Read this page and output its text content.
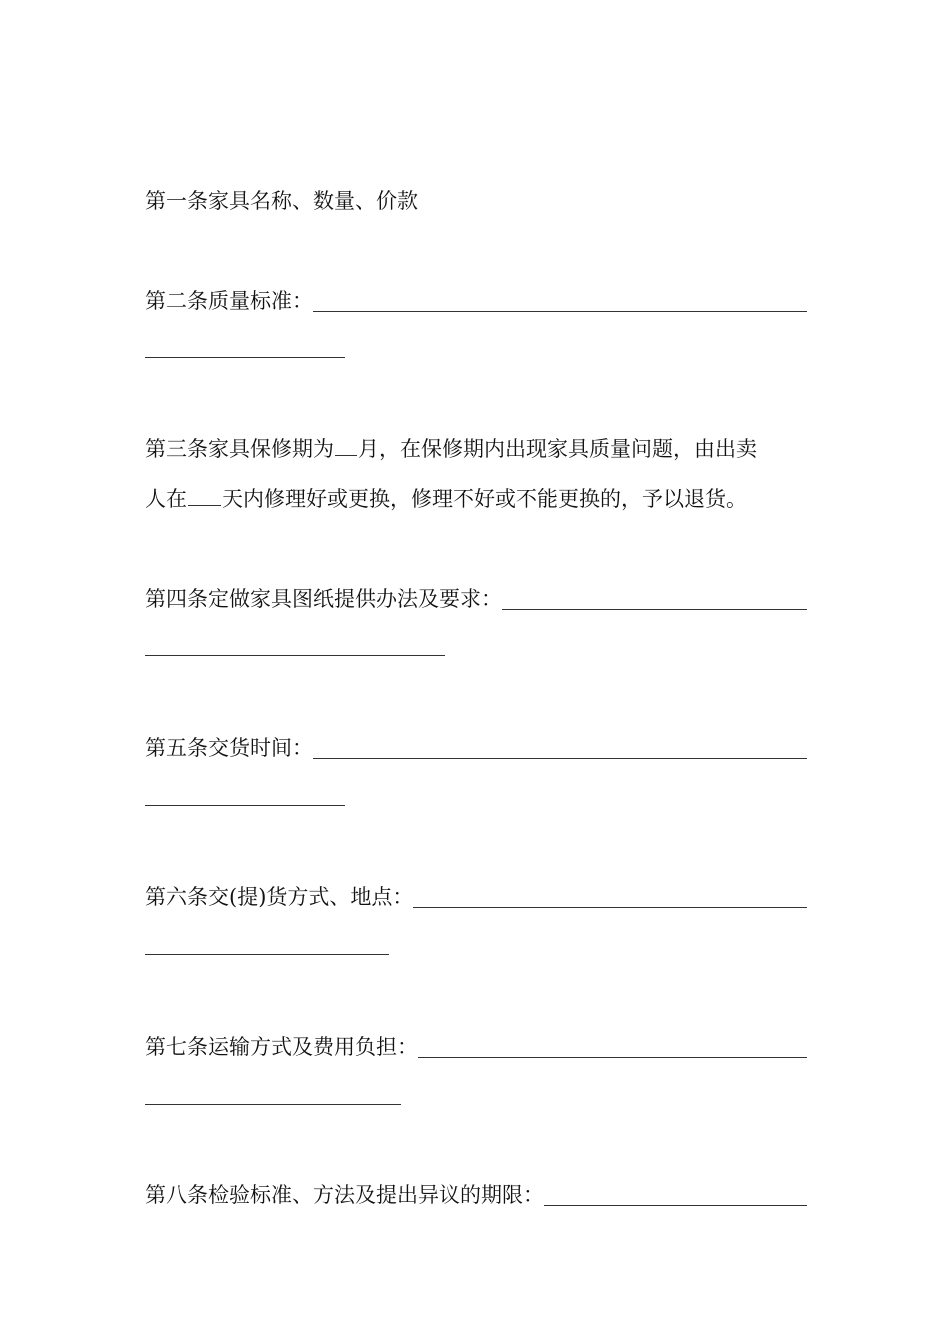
第一条家具名称、数量、价款
第二条质量标准：
第三条家具保修期为 月，在保修期内出现家具质量问题，由出卖
人在 天内修理好或更换，修理不好或不能更换的，予以退货。
第四条定做家具图纸提供办法及要求：
第五条交货时间：
第六条交(提)货方式、地点：
第七条运输方式及费用负担：
第八条检验标准、方法及提出异议的期限：
